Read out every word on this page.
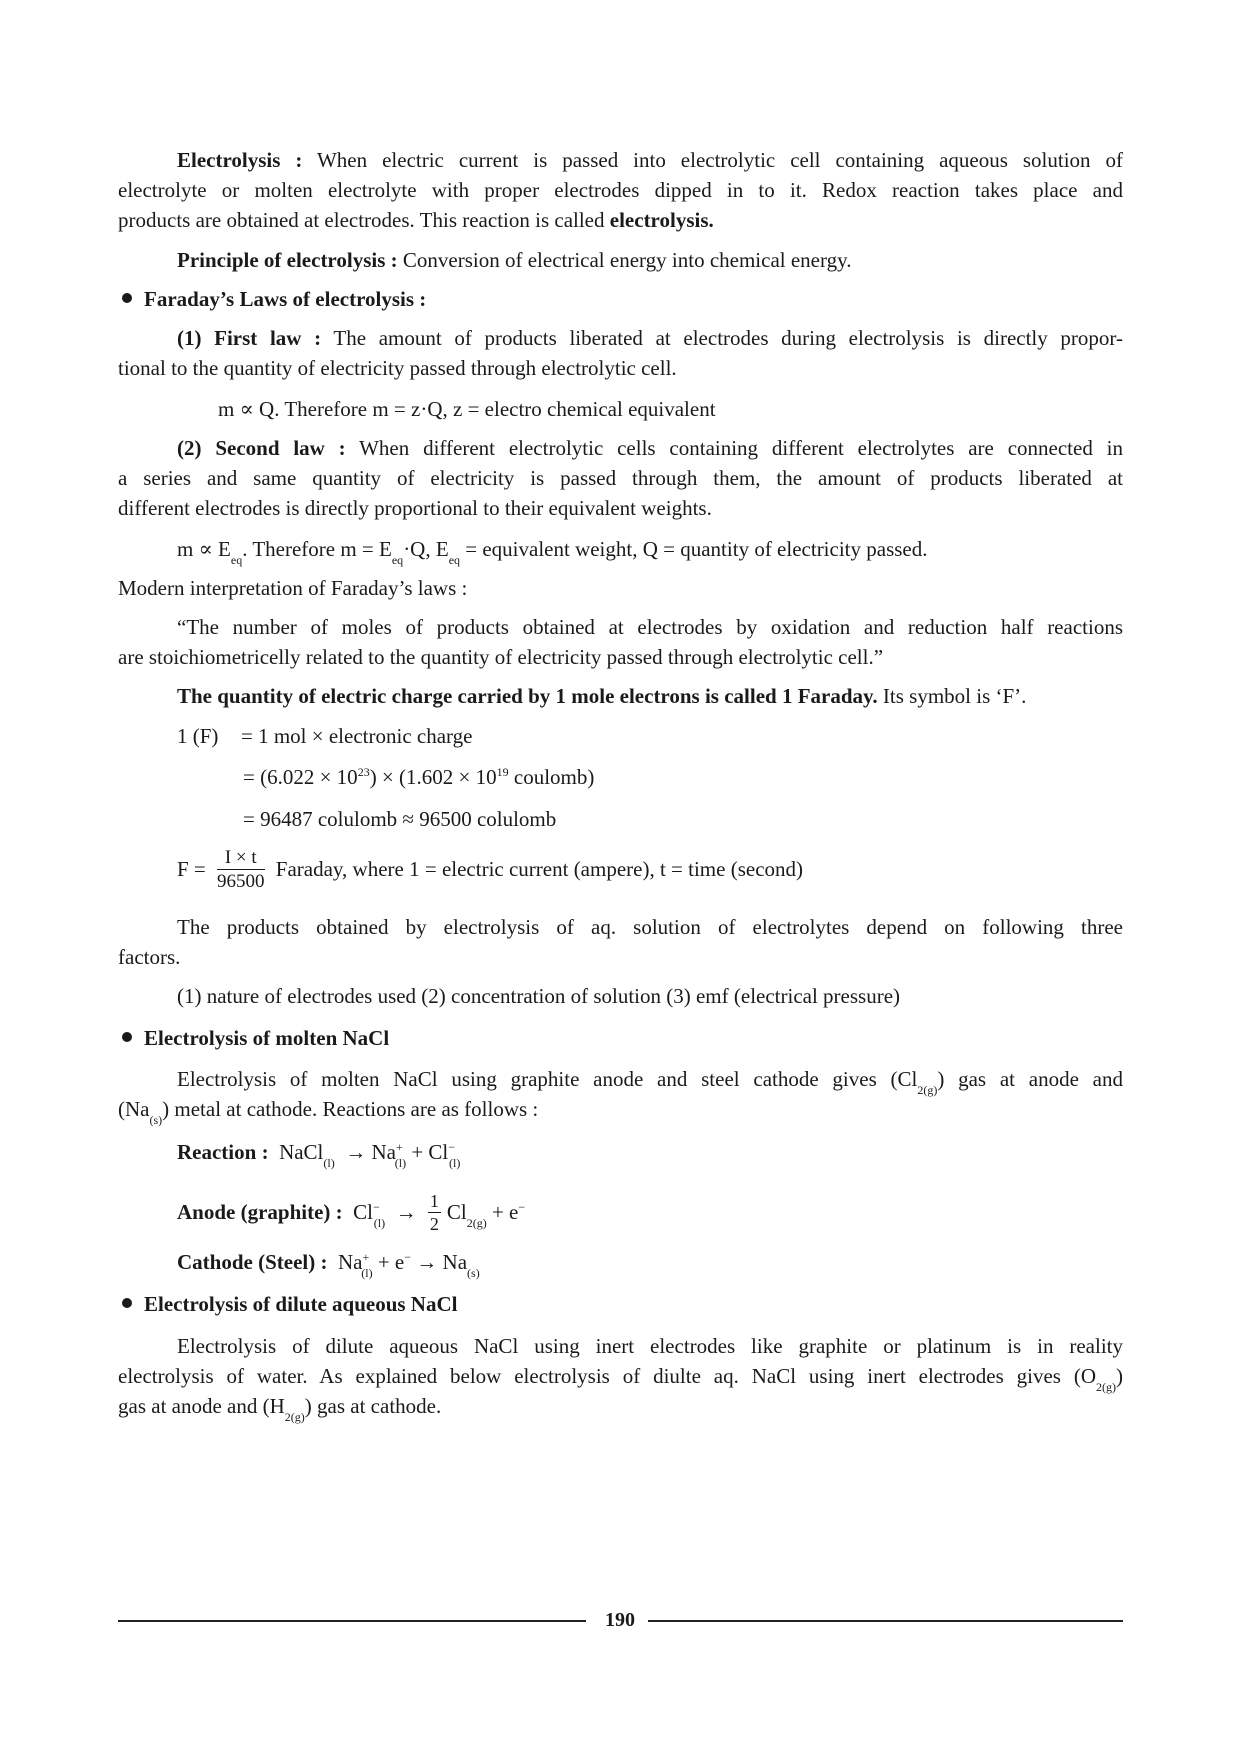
Electrolysis : When electric current is passed into electrolytic cell containing aqueous solution of
electrolyte or molten electrolyte with proper electrodes dipped in to it. Redox reaction takes place and
products are obtained at electrodes. This reaction is called electrolysis.
Principle of electrolysis : Conversion of electrical energy into chemical energy.
Faraday’s Laws of electrolysis :
(1) First law : The amount of products liberated at electrodes during electrolysis is directly propor-
tional to the quantity of electricity passed through electrolytic cell.
m ∝ Q. Therefore m = z·Q, z = electro chemical equivalent
(2) Second law : When different electrolytic cells containing different electrolytes are connected in
a series and same quantity of electricity is passed through them, the amount of products liberated at
different electrodes is directly proportional to their equivalent weights.
$m \propto E_{eq}$. Therefore $m = E_{eq}\cdot Q$, $E_{eq}$ = equivalent weight, Q = quantity of electricity passed.
Modern interpretation of Faraday’s laws :
“The number of moles of products obtained at electrodes by oxidation and reduction half reactions
are stoichiometricelly related to the quantity of electricity passed through electrolytic cell.”
The quantity of electric charge carried by 1 mole electrons is called 1 Faraday. Its symbol is ‘F’.
1 (F) = 1 mol × electronic charge
= $(6.022 \times 10^{23}) \times (1.602 \times 10^{19}$ coulomb)
= 96487 colulomb ≈ 96500 colulomb
$F = \frac{I \times t}{96500}$ Faraday, where 1 = electric current (ampere), t = time (second)
The products obtained by electrolysis of aq. solution of electrolytes depend on following three
factors.
(1) nature of electrodes used (2) concentration of solution (3) emf (electrical pressure)
Electrolysis of molten NaCl
Electrolysis of molten NaCl using graphite anode and steel cathode gives $(Cl_{2(g)})$ gas at anode and
$(Na_{(s)})$ metal at cathode. Reactions are as follows :
Reaction :  NaCl$_{(l)}$  → $Na^+_{(l)} + Cl^-_{(l)}$
Anode (graphite) : $Cl^-_{(l)} \to \frac{1}{2} Cl_{2(g)} + e^-$
Cathode (Steel) :  $Na^+_{(l)} + e^- \to Na_{(s)}$
Electrolysis of dilute aqueous NaCl
Electrolysis of dilute aqueous NaCl using inert electrodes like graphite or platinum is in reality
electrolysis of water. As explained below electrolysis of diulte aq. NaCl using inert electrodes gives $(O_{2(g)})$
gas at anode and $(H_{2(g)})$ gas at cathode.
190
